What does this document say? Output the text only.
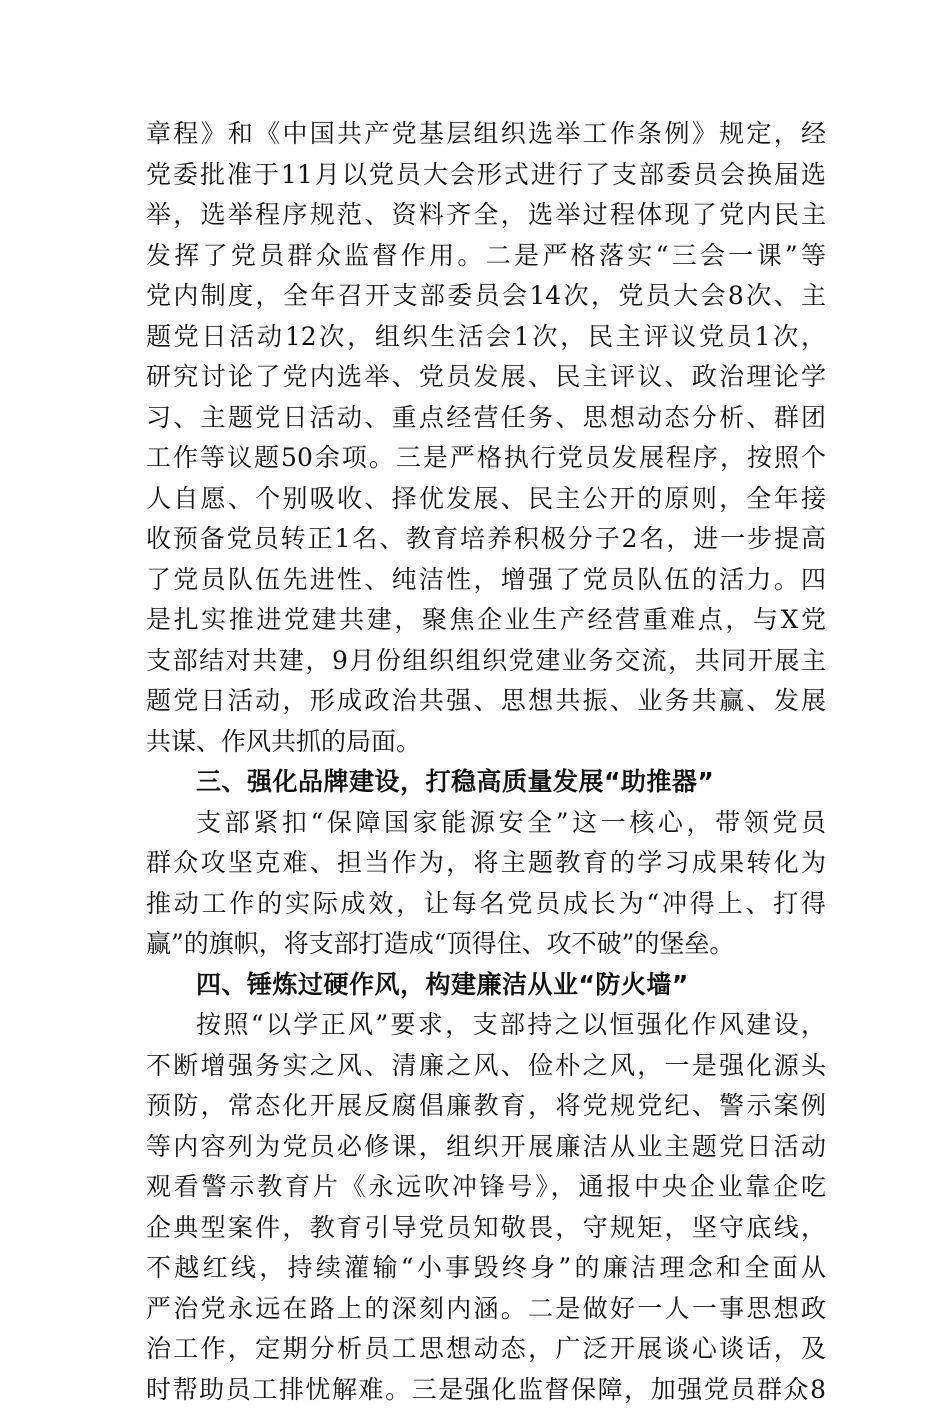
章程》和《中国共产党基层组织选举工作条例》规定，经
党委批准于11月以党员大会形式进行了支部委员会换届选
举，选举程序规范、资料齐全，选举过程体现了党内民主
发挥了党员群众监督作用。二是严格落实“三会一课”等
党内制度，全年召开支部委员会14次，党员大会8次、主
题党日活动12次，组织生活会1次，民主评议党员1次，
研究讨论了党内选举、党员发展、民主评议、政治理论学
习、主题党日活动、重点经营任务、思想动态分析、群团
工作等议题50余项。三是严格执行党员发展程序，按照个
人自愿、个别吸收、择优发展、民主公开的原则，全年接
收预备党员转正1名、教育培养积极分子2名，进一步提高
了党员队伍先进性、纯洁性，增强了党员队伍的活力。四
是扎实推进党建共建，聚焦企业生产经营重难点，与X党
支部结对共建，9月份组织组织党建业务交流，共同开展主
题党日活动，形成政治共强、思想共振、业务共赢、发展
共谋、作风共抓的局面。
三、强化品牌建设，打稳高质量发展“助推器”
支部紧扣“保障国家能源安全”这一核心，带领党员
群众攻坚克难、担当作为，将主题教育的学习成果转化为
推动工作的实际成效，让每名党员成长为“冲得上、打得
赢”的旗帜，将支部打造成“顶得住、攻不破”的堡垒。
四、锤炼过硬作风，构建廉洁从业“防火墙”
按照“以学正风”要求，支部持之以恒强化作风建设，
不断增强务实之风、清廉之风、俭朴之风，一是强化源头
预防，常态化开展反腐倡廉教育，将党规党纪、警示案例
等内容列为党员必修课，组织开展廉洁从业主题党日活动
观看警示教育片《永远吹冲锋号》，通报中央企业靠企吃
企典型案件，教育引导党员知敬畏，守规矩，坚守底线，
不越红线，持续灌输“小事毁终身”的廉洁理念和全面从
严治党永远在路上的深刻内涵。二是做好一人一事思想政
治工作，定期分析员工思想动态，广泛开展谈心谈话，及
时帮助员工排忧解难。三是强化监督保障，加强党员群众8
